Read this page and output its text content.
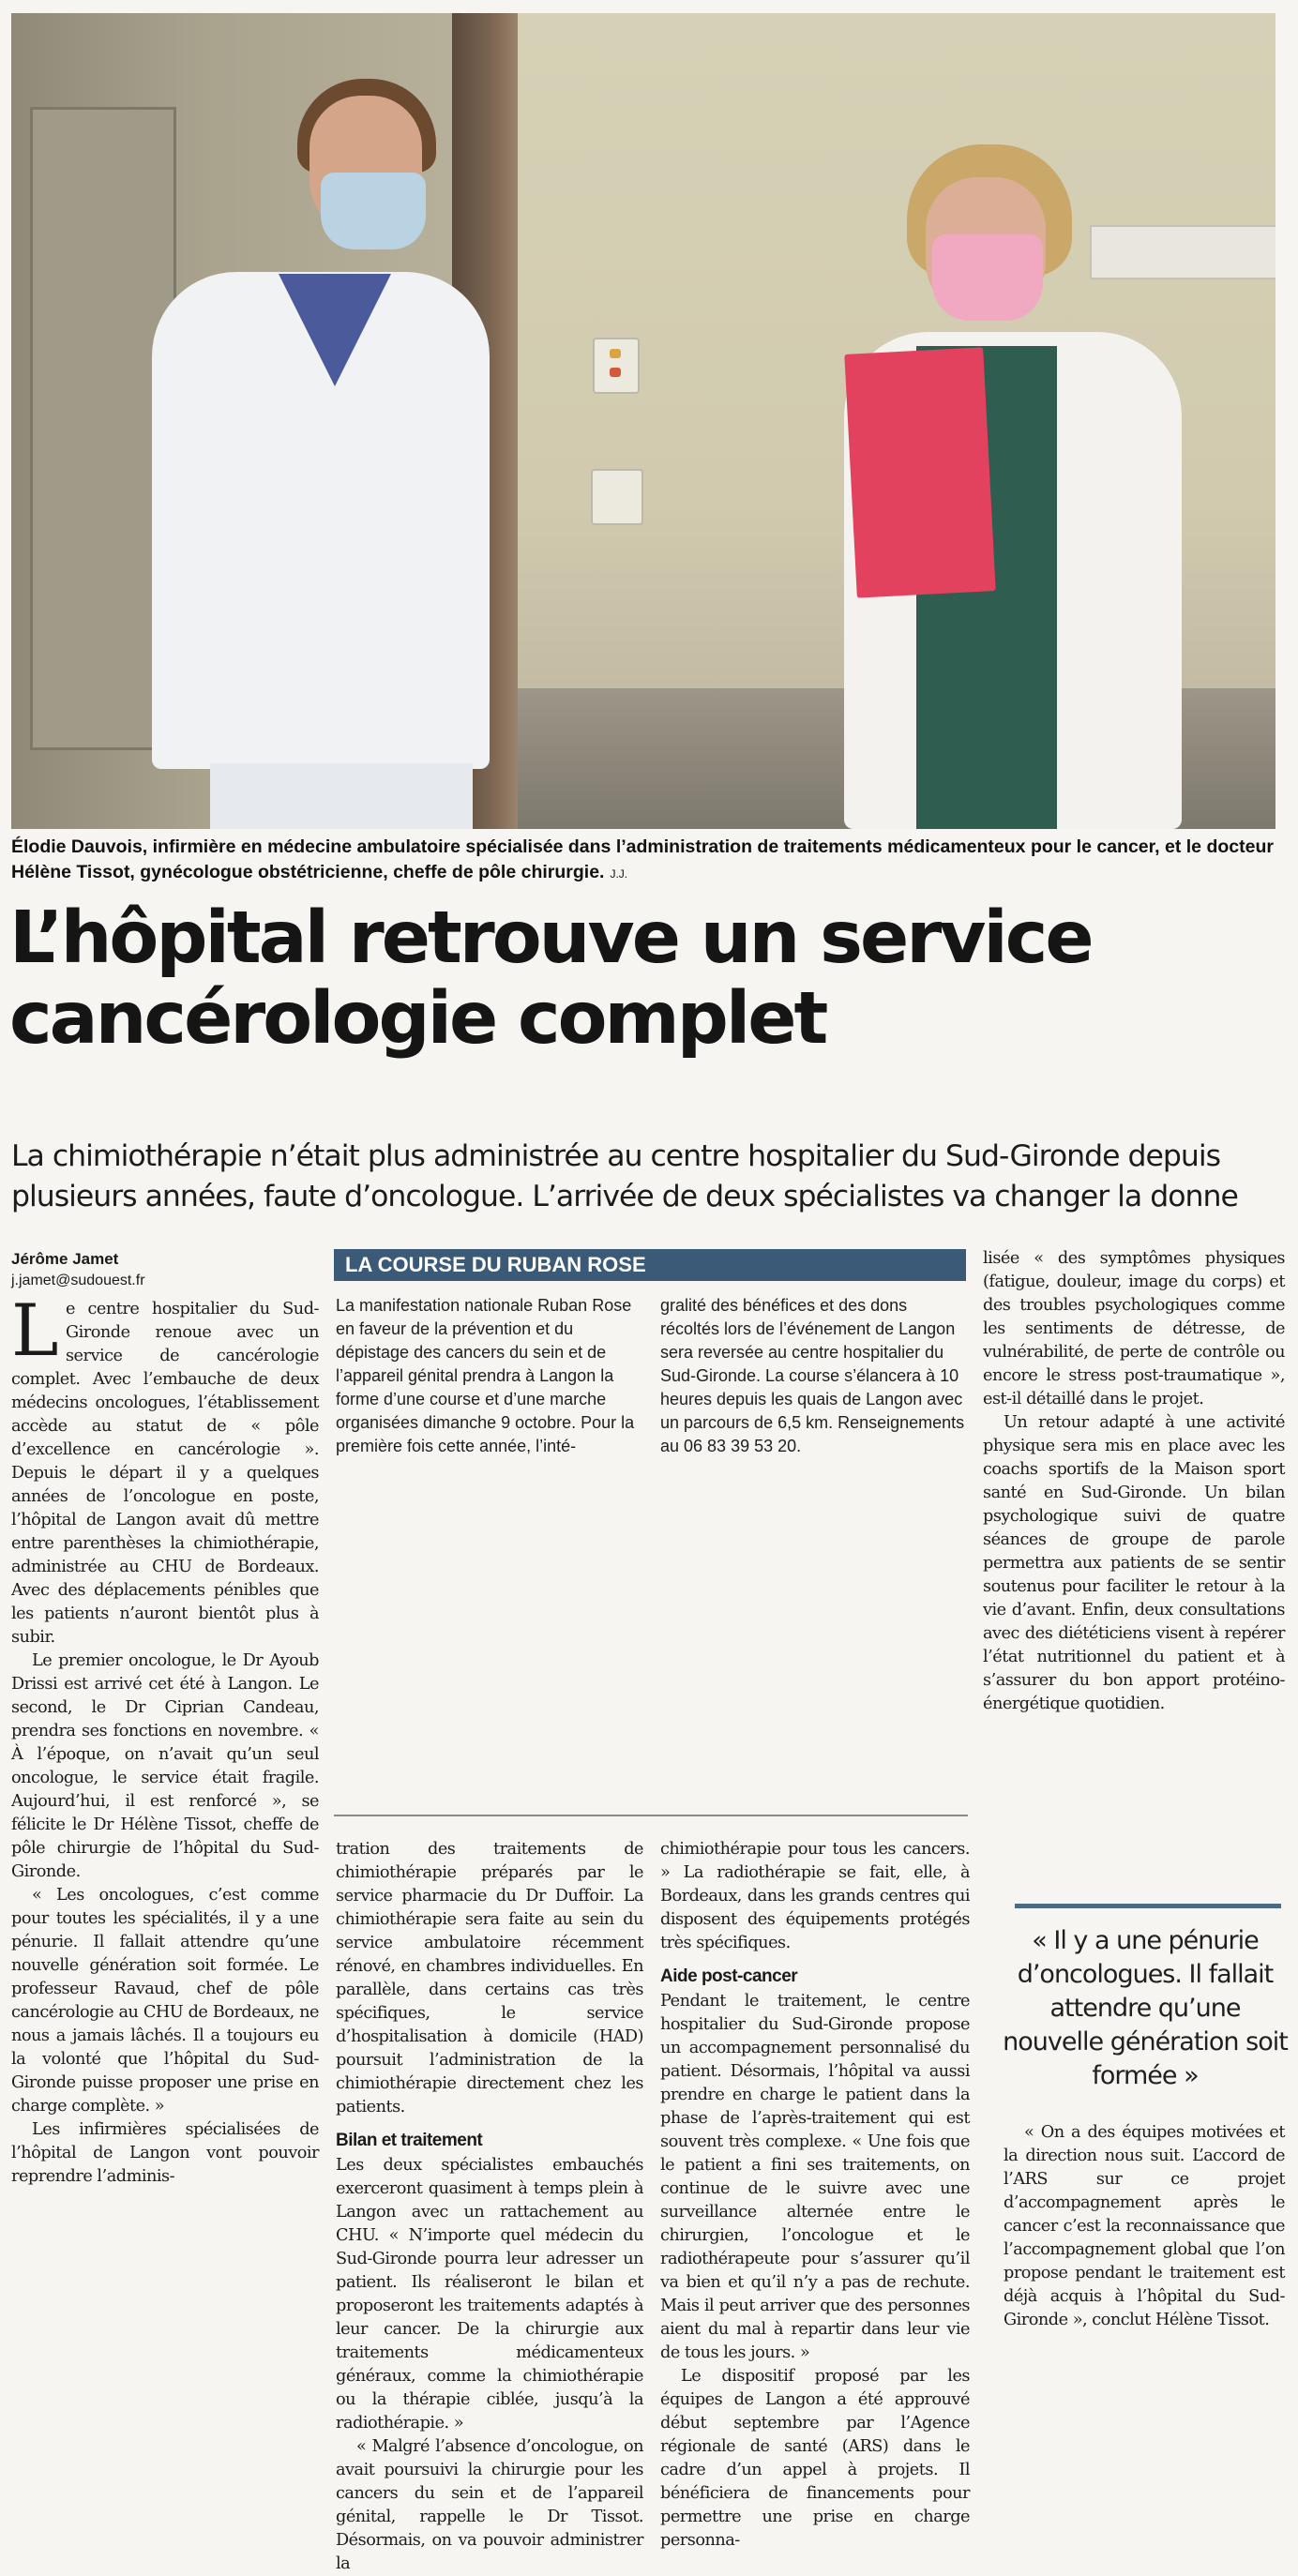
Élodie Dauvois, infirmière en médecine ambulatoire spécialisée dans l’administration de traitements médicamenteux pour le cancer, et le docteur Hélène Tissot, gynécologue obstétricienne, cheffe de pôle chirurgie. J.J.
L’hôpital retrouve un service cancérologie complet
La chimiothérapie n’était plus administrée au centre hospitalier du Sud-Gironde depuis plusieurs années, faute d’oncologue. L’arrivée de deux spécialistes va changer la donne
Jérôme Jamet
j.jamet@sudouest.fr

Le centre hospitalier du Sud-Gironde renoue avec un service de cancérologie complet. Avec l’embauche de deux médecins oncologues, l’établissement accède au statut de « pôle d’excellence en cancérologie ». Depuis le départ il y a quelques années de l’oncologue en poste, l’hôpital de Langon avait dû mettre entre parenthèses la chimiothérapie, administrée au CHU de Bordeaux. Avec des déplacements pénibles que les patients n’auront bientôt plus à subir.

Le premier oncologue, le Dr Ayoub Drissi est arrivé cet été à Langon. Le second, le Dr Ciprian Candeau, prendra ses fonctions en novembre. « À l’époque, on n’avait qu’un seul oncologue, le service était fragile. Aujourd’hui, il est renforcé », se félicite le Dr Hélène Tissot, cheffe de pôle chirurgie de l’hôpital du Sud-Gironde.

« Les oncologues, c’est comme pour toutes les spécialités, il y a une pénurie. Il fallait attendre qu’une nouvelle génération soit formée. Le professeur Ravaud, chef de pôle cancérologie au CHU de Bordeaux, ne nous a jamais lâchés. Il a toujours eu la volonté que l’hôpital du Sud-Gironde puisse proposer une prise en charge complète. »

Les infirmières spécialisées de l’hôpital de Langon vont pouvoir reprendre l’adminis-

LA COURSE DU RUBAN ROSE
La manifestation nationale Ruban Rose en faveur de la prévention et du dépistage des cancers du sein et de l’appareil génital prendra à Langon la forme d’une course et d’une marche organisées dimanche 9 octobre. Pour la première fois cette année, l’inté-
gralité des bénéfices et des dons récoltés lors de l’événement de Langon sera reversée au centre hospitalier du Sud-Gironde. La course s’élancera à 10 heures depuis les quais de Langon avec un parcours de 6,5 km. Renseignements au 06 83 39 53 20.

tration des traitements de chimiothérapie préparés par le service pharmacie du Dr Duffoir. La chimiothérapie sera faite au sein du service ambulatoire récemment rénové, en chambres individuelles. En parallèle, dans certains cas très spécifiques, le service d’hospitalisation à domicile (HAD) poursuit l’administration de la chimiothérapie directement chez les patients.

Bilan et traitement

Les deux spécialistes embauchés exerceront quasiment à temps plein à Langon avec un rattachement au CHU. « N’importe quel médecin du Sud-Gironde pourra leur adresser un patient. Ils réaliseront le bilan et proposeront les traitements adaptés à leur cancer. De la chirurgie aux traitements médicamenteux généraux, comme la chimiothérapie ou la thérapie ciblée, jusqu’à la radiothérapie. »

« Malgré l’absence d’oncologue, on avait poursuivi la chirurgie pour les cancers du sein et de l’appareil génital, rappelle le Dr Tissot. Désormais, on va pouvoir administrer la

chimiothérapie pour tous les cancers. » La radiothérapie se fait, elle, à Bordeaux, dans les grands centres qui disposent des équipements protégés très spécifiques.

Aide post-cancer

Pendant le traitement, le centre hospitalier du Sud-Gironde propose un accompagnement personnalisé du patient. Désormais, l’hôpital va aussi prendre en charge le patient dans la phase de l’après-traitement qui est souvent très complexe. « Une fois que le patient a fini ses traitements, on continue de le suivre avec une surveillance alternée entre le chirurgien, l’oncologue et le radiothérapeute pour s’assurer qu’il va bien et qu’il n’y a pas de rechute. Mais il peut arriver que des personnes aient du mal à repartir dans leur vie de tous les jours. »

Le dispositif proposé par les équipes de Langon a été approuvé début septembre par l’Agence régionale de santé (ARS) dans le cadre d’un appel à projets. Il bénéficiera de financements pour permettre une prise en charge personna-

lisée « des symptômes physiques (fatigue, douleur, image du corps) et des troubles psychologiques comme les sentiments de détresse, de vulnérabilité, de perte de contrôle ou encore le stress post-traumatique », est-il détaillé dans le projet.

Un retour adapté à une activité physique sera mis en place avec les coachs sportifs de la Maison sport santé en Sud-Gironde. Un bilan psychologique suivi de quatre séances de groupe de parole permettra aux patients de se sentir soutenus pour faciliter le retour à la vie d’avant. Enfin, deux consultations avec des diététiciens visent à repérer l’état nutritionnel du patient et à s’assurer du bon apport protéino-énergétique quotidien.

« Il y a une pénurie d’oncologues. Il fallait attendre qu’une nouvelle génération soit formée »

« On a des équipes motivées et la direction nous suit. L’accord de l’ARS sur ce projet d’accompagnement après le cancer c’est la reconnaissance que l’accompagnement global que l’on propose pendant le traitement est déjà acquis à l’hôpital du Sud-Gironde », conclut Hélène Tissot.
